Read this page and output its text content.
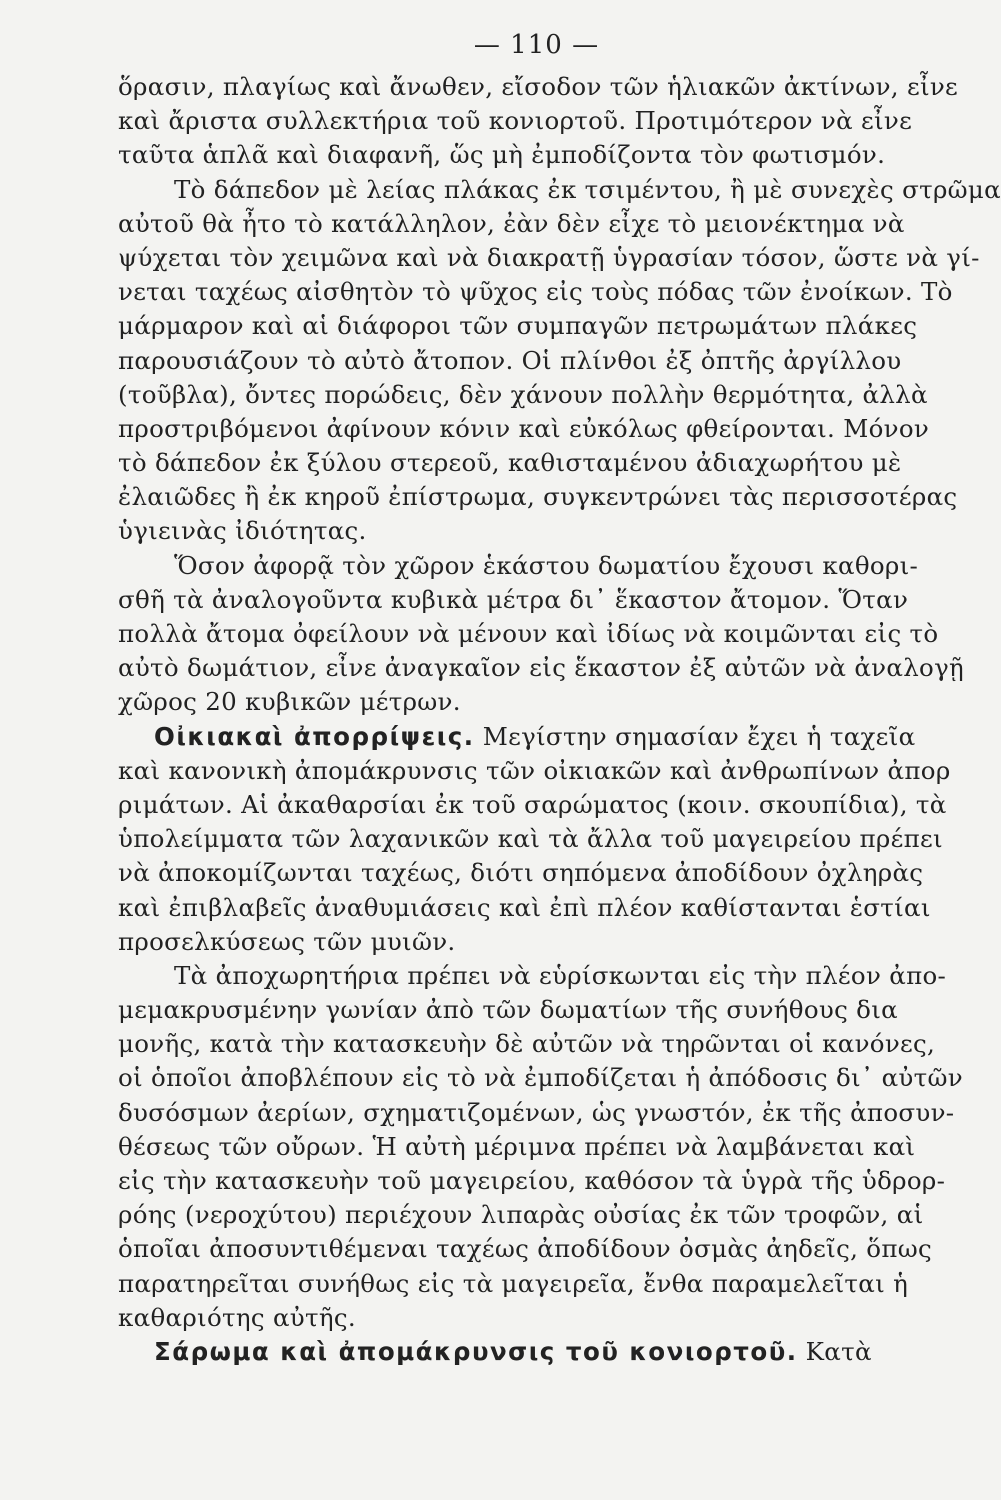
— 110 —
ὅρασιν, πλαγίως καὶ ἄνωθεν, εἴσοδον τῶν ἡλιακῶν ἀκτίνων, εἶνε
καὶ ἄριστα συλλεκτήρια τοῦ κονιορτοῦ. Προτιμότερον νὰ εἶνε
ταῦτα ἁπλᾶ καὶ διαφανῆ, ὥς μὴ ἐμποδίζοντα τὸν φωτισμόν.
Τὸ δάπεδον μὲ λείας πλάκας ἐκ τσιμέντου, ἢ μὲ συνεχὲς στρῶμα
αὐτοῦ θὰ ἦτο τὸ κατάλληλον, ἐὰν δὲν εἶχε τὸ μειονέκτημα νὰ
ψύχεται τὸν χειμῶνα καὶ νὰ διακρατῇ ὑγρασίαν τόσον, ὥστε νὰ γί-
νεται ταχέως αἰσθητὸν τὸ ψῦχος εἰς τοὺς πόδας τῶν ἐνοίκων. Τὸ
μάρμαρον καὶ αἱ διάφοροι τῶν συμπαγῶν πετρωμάτων πλάκες
παρουσιάζουν τὸ αὐτὸ ἄτοπον. Οἱ πλίνθοι ἐξ ὀπτῆς ἀργίλλου
(τοῦβλα), ὄντες πορώδεις, δὲν χάνουν πολλὴν θερμότητα, ἀλλὰ
προστριβόμενοι ἀφίνουν κόνιν καὶ εὐκόλως φθείρονται. Μόνον
τὸ δάπεδον ἐκ ξύλου στερεοῦ, καθισταμένου ἀδιαχωρήτου μὲ
ἐλαιῶδες ἢ ἐκ κηροῦ ἐπίστρωμα, συγκεντρώνει τὰς περισσοτέρας
ὑγιεινὰς ἰδιότητας.
Ὅσον ἀφορᾷ τὸν χῶρον ἑκάστου δωματίου ἔχουσι καθορι-
σθῆ τὰ ἀναλογοῦντα κυβικὰ μέτρα δι᾽ ἕκαστον ἄτομον. Ὅταν
πολλὰ ἄτομα ὀφείλουν νὰ μένουν καὶ ἰδίως νὰ κοιμῶνται εἰς τὸ
αὐτὸ δωμάτιον, εἶνε ἀναγκαῖον εἰς ἕκαστον ἐξ αὐτῶν νὰ ἀναλογῇ
χῶρος 20 κυβικῶν μέτρων.
Οἰκιακαὶ ἀπορρίψεις. Μεγίστην σημασίαν ἔχει ἡ ταχεῖα
καὶ κανονικὴ ἀπομάκρυνσις τῶν οἰκιακῶν καὶ ἀνθρωπίνων ἀπορ
ριμάτων. Αἱ ἀκαθαρσίαι ἐκ τοῦ σαρώματος (κοιν. σκουπίδια), τὰ
ὑπολείμματα τῶν λαχανικῶν καὶ τὰ ἄλλα τοῦ μαγειρείου πρέπει
νὰ ἀποκομίζωνται ταχέως, διότι σηπόμενα ἀποδίδουν ὀχληρὰς
καὶ ἐπιβλαβεῖς ἀναθυμιάσεις καὶ ἐπὶ πλέον καθίστανται ἑστίαι
προσελκύσεως τῶν μυιῶν.
Τὰ ἀποχωρητήρια πρέπει νὰ εὑρίσκωνται εἰς τὴν πλέον ἀπο-
μεμακρυσμένην γωνίαν ἀπὸ τῶν δωματίων τῆς συνήθους δια
μονῆς, κατὰ τὴν κατασκευὴν δὲ αὐτῶν νὰ τηρῶνται οἱ κανόνες,
οἱ ὁποῖοι ἀποβλέπουν εἰς τὸ νὰ ἐμποδίζεται ἡ ἀπόδοσις δι᾽ αὐτῶν
δυσόσμων ἀερίων, σχηματιζομένων, ὡς γνωστόν, ἐκ τῆς ἀποσυν-
θέσεως τῶν οὔρων. Ἡ αὐτὴ μέριμνα πρέπει νὰ λαμβάνεται καὶ
εἰς τὴν κατασκευὴν τοῦ μαγειρείου, καθόσον τὰ ὑγρὰ τῆς ὑδρορ-
ρόης (νεροχύτου) περιέχουν λιπαρὰς οὐσίας ἐκ τῶν τροφῶν, αἱ
ὁποῖαι ἀποσυντιθέμεναι ταχέως ἀποδίδουν ὀσμὰς ἀηδεῖς, ὅπως
παρατηρεῖται συνήθως εἰς τὰ μαγειρεῖα, ἔνθα παραμελεῖται ἡ
καθαριότης αὐτῆς.
Σάρωμα καὶ ἀπομάκρυνσις τοῦ κονιορτοῦ. Κατὰ
